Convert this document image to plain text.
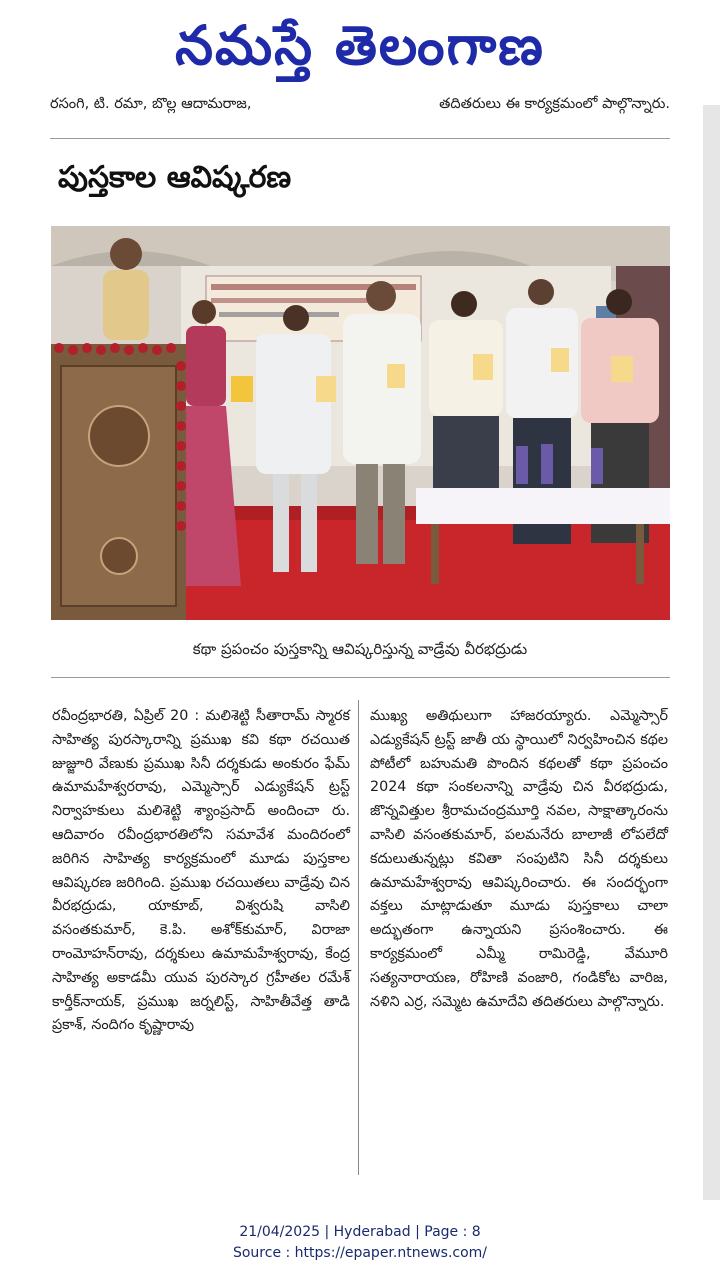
నమస్తే తెలంగాణ
రసంగి, టి. రమా, బొల్ల ఆదామరాజ,	తదితరులు ఈ కార్యక్రమంలో పాల్గొన్నారు.
పుస్తకాల ఆవిష్కరణ
కథా ప్రపంచం పుస్తకాన్ని ఆవిష్కరిస్తున్న వాడ్రేవు వీరభద్రుడు
రవీంద్రభారతి, ఏప్రిల్ 20 : మలిశెట్టి సీతారామ్ స్మారక సాహిత్య పురస్కారాన్ని ప్రముఖ కవి కథా రచయిత జుజ్జూరి వేణుకు ప్రముఖ సినీ దర్శకుడు అంకురం ఫేమ్ ఉమామహేశ్వరరావు, ఎమ్మెస్సార్ ఎడ్యుకేషన్ ట్రస్ట్ నిర్వాహకులు మలిశెట్టి శ్యాంప్రసాద్ అందించా రు. ఆదివారం రవీంద్రభారతిలోని సమావేశ మందిరంలో జరిగిన సాహిత్య కార్యక్రమంలో మూడు పుస్తకాల ఆవిష్కరణ జరిగింది. ప్రముఖ రచయితలు వాడ్రేవు చిన వీరభద్రుడు, యాకూబ్, విశ్వరుషి వాసిలి వసంతకుమార్, కె.పి. అశోక్‌కుమార్, విరాజా రాంమోహన్‌రావు, దర్శకులు ఉమామహేశ్వరావు, కేంద్ర సాహిత్య అకాడమీ యువ పురస్కార గ్రహీతల రమేశ్ కార్తీక్‌నాయక్, ప్రముఖ జర్నలిస్ట్, సాహితీవేత్త తాడి ప్రకాశ్, నందిగం కృష్ణారావు
ముఖ్య అతిథులుగా హాజరయ్యారు. ఎమ్మెస్సార్ ఎడ్యుకేషన్ ట్రస్ట్ జాతీ య స్థాయిలో నిర్వహించిన కథల పోటీలో బహుమతి పొందిన కథలతో కథా ప్రపంచం 2024 కథా సంకలనాన్ని వాడ్రేవు చిన వీరభద్రుడు, జొన్నవిత్తుల శ్రీరామచంద్రమూర్తి నవల, సాక్షాత్కారంను వాసిలి వసంతకుమార్, పలమనేరు బాలాజీ లోపలేదో కదులుతున్నట్లు కవితా సంపుటిని సినీ దర్శకులు ఉమామహేశ్వరావు ఆవిష్కరించారు. ఈ సందర్భంగా వక్తలు మాట్లాడుతూ మూడు పుస్తకాలు చాలా అద్భుతంగా ఉన్నాయని ప్రసంశించారు. ఈ కార్యక్రమంలో ఎమ్మీ రామిరెడ్డి, వేమూరి సత్యనారాయణ, రోహిణి వంజారి, గండికోట వారిజ, నళిని ఎర్ర, సమ్మెట ఉమాదేవి తదితరులు పాల్గొన్నారు.
21/04/2025 | Hyderabad | Page : 8
Source : https://epaper.ntnews.com/
